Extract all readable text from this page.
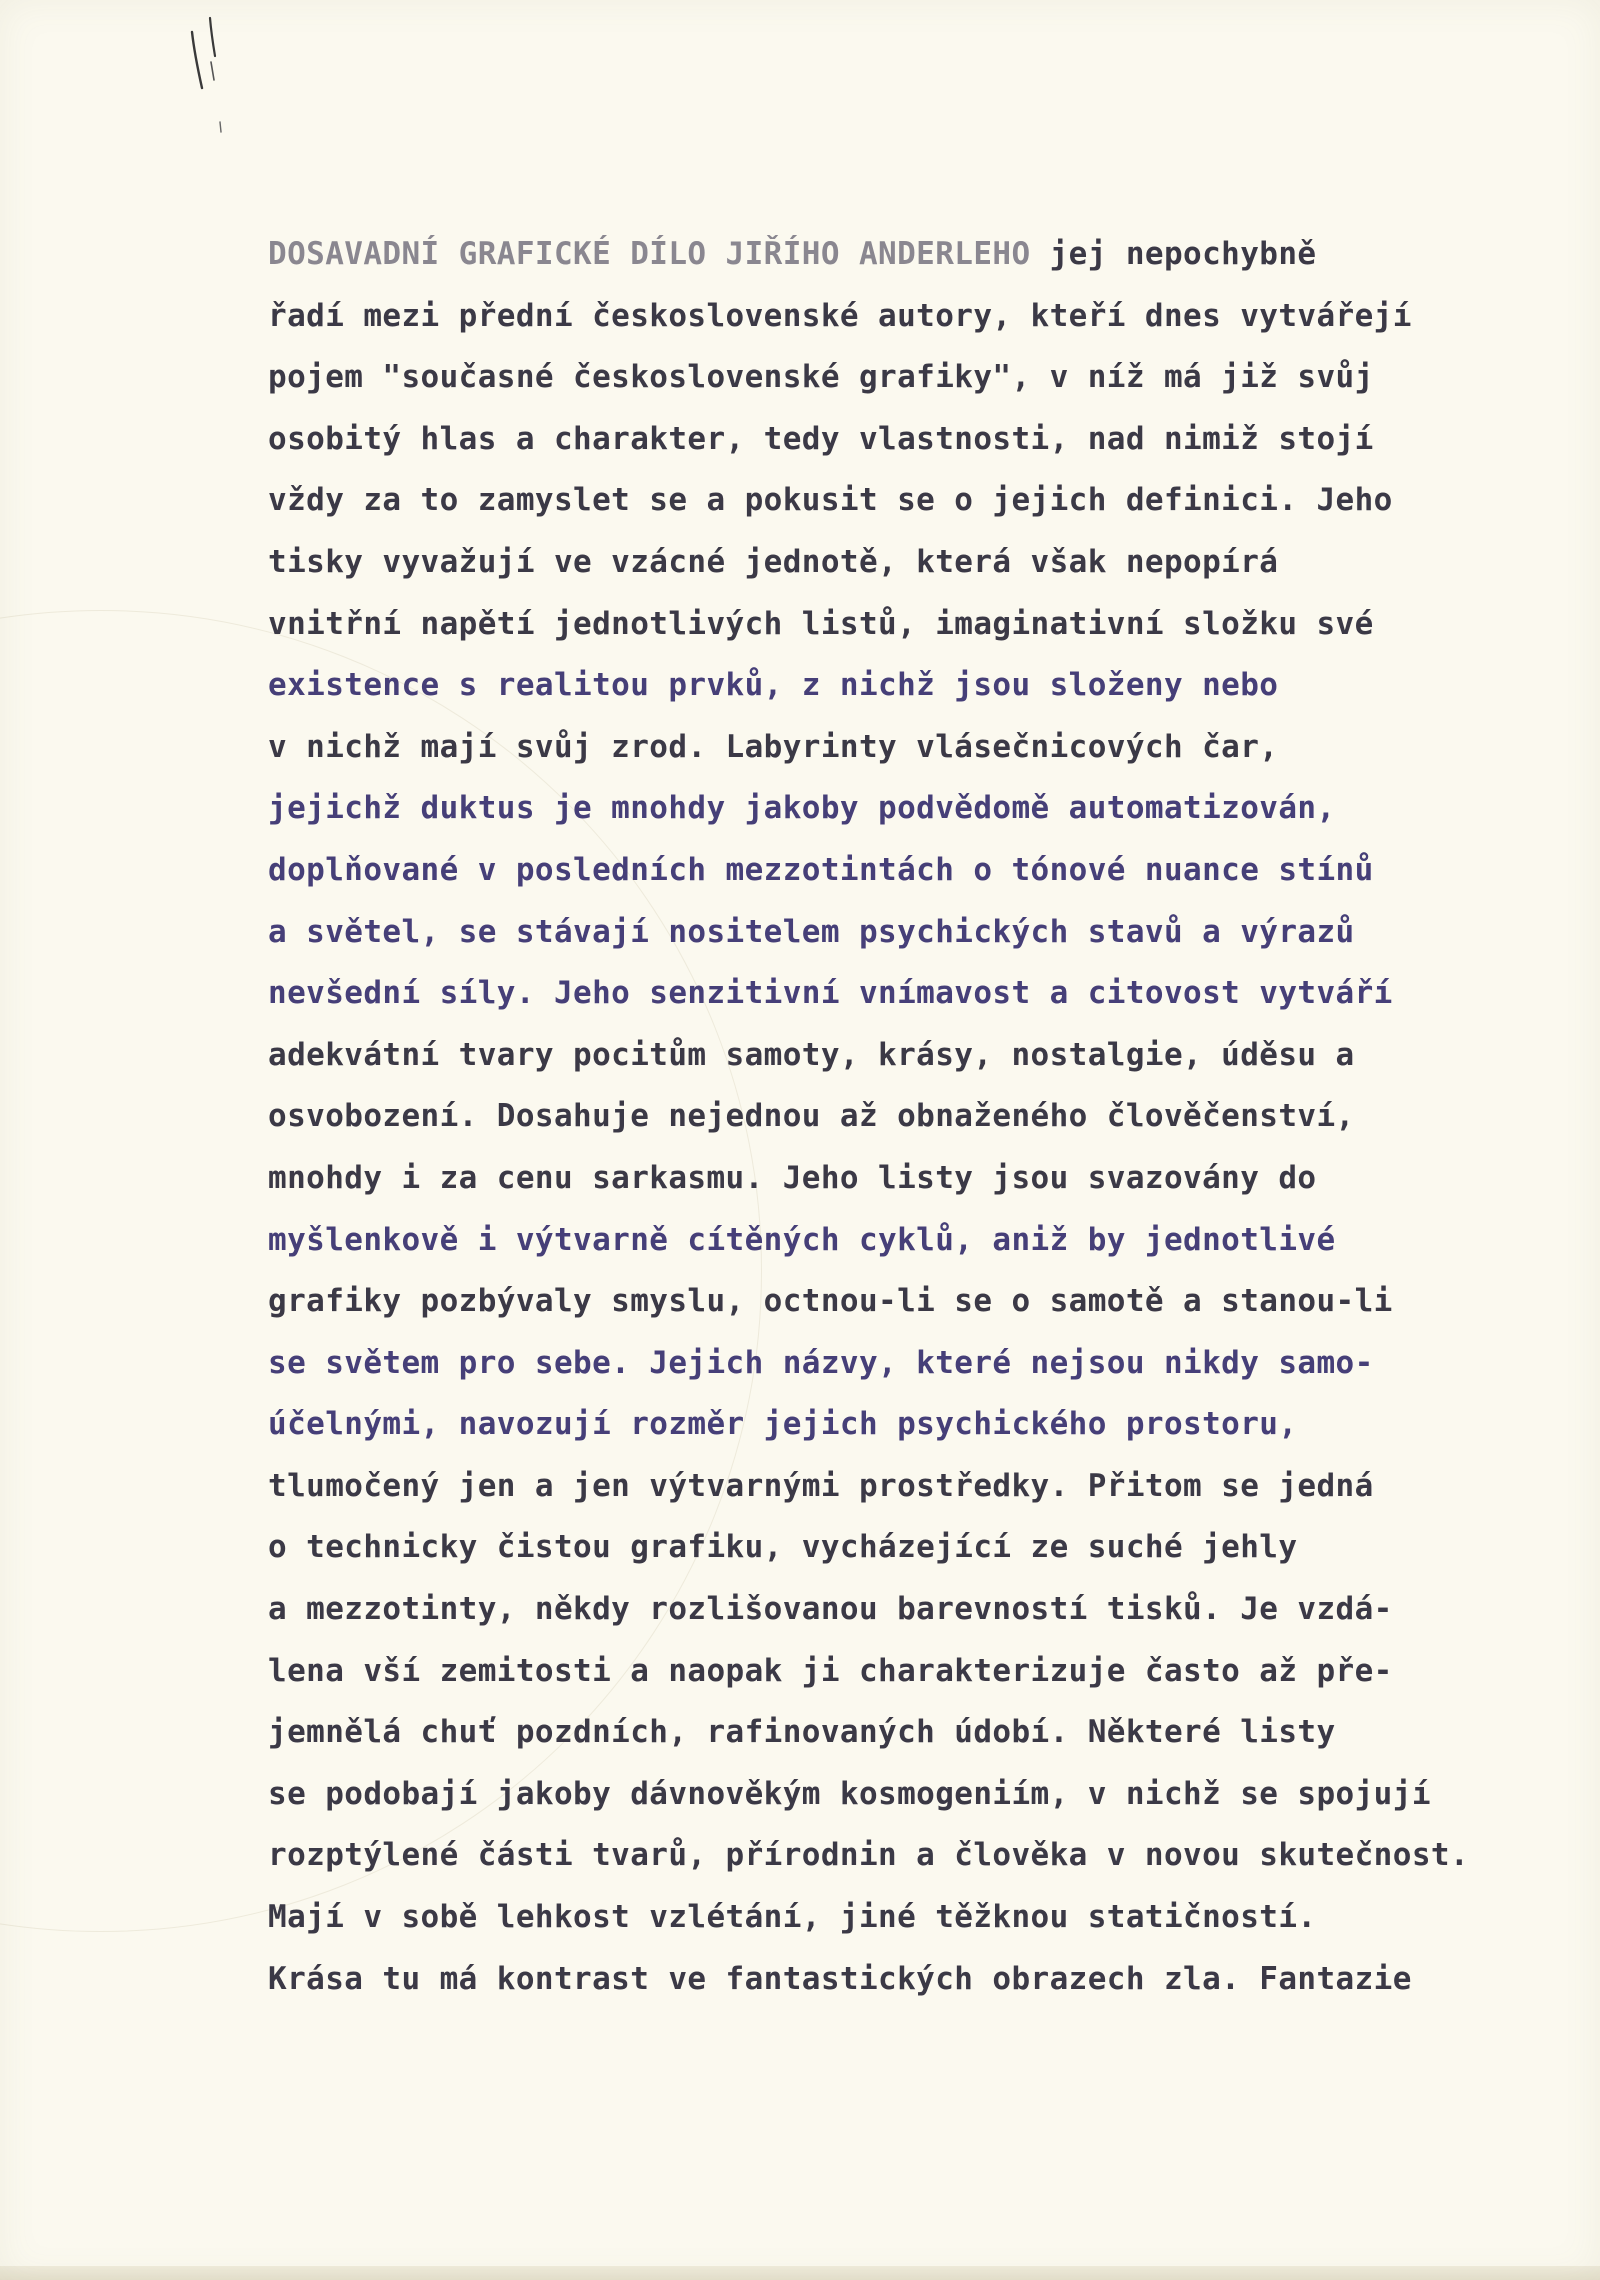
DOSAVADNÍ GRAFICKÉ DÍLO JIŘÍHO ANDERLEHO jej nepochybně
řadí mezi přední československé autory, kteří dnes vytvářejí
pojem "současné československé grafiky", v níž má již svůj
osobitý hlas a charakter, tedy vlastnosti, nad nimiž stojí
vždy za to zamyslet se a pokusit se o jejich definici. Jeho
tisky vyvažují ve vzácné jednotě, která však nepopírá
vnitřní napětí jednotlivých listů, imaginativní složku své
existence s realitou prvků, z nichž jsou složeny nebo
v nichž mají svůj zrod. Labyrinty vlásečnicových čar,
jejichž duktus je mnohdy jakoby podvědomě automatizován,
doplňované v posledních mezzotintách o tónové nuance stínů
a světel, se stávají nositelem psychických stavů a výrazů
nevšední síly. Jeho senzitivní vnímavost a citovost vytváří
adekvátní tvary pocitům samoty, krásy, nostalgie, úděsu a
osvobození. Dosahuje nejednou až obnaženého člověčenství,
mnohdy i za cenu sarkasmu. Jeho listy jsou svazovány do
myšlenkově i výtvarně cítěných cyklů, aniž by jednotlivé
grafiky pozbývaly smyslu, octnou-li se o samotě a stanou-li
se světem pro sebe. Jejich názvy, které nejsou nikdy samo-
účelnými, navozují rozměr jejich psychického prostoru,
tlumočený jen a jen výtvarnými prostředky. Přitom se jedná
o technicky čistou grafiku, vycházející ze suché jehly
a mezzotinty, někdy rozlišovanou barevností tisků. Je vzdá-
lena vší zemitosti a naopak ji charakterizuje často až pře-
jemnělá chuť pozdních, rafinovaných údobí. Některé listy
se podobají jakoby dávnověkým kosmogeniím, v nichž se spojují
rozptýlené části tvarů, přírodnin a člověka v novou skutečnost.
Mají v sobě lehkost vzlétání, jiné těžknou statičností.
Krása tu má kontrast ve fantastických obrazech zla. Fantazie
